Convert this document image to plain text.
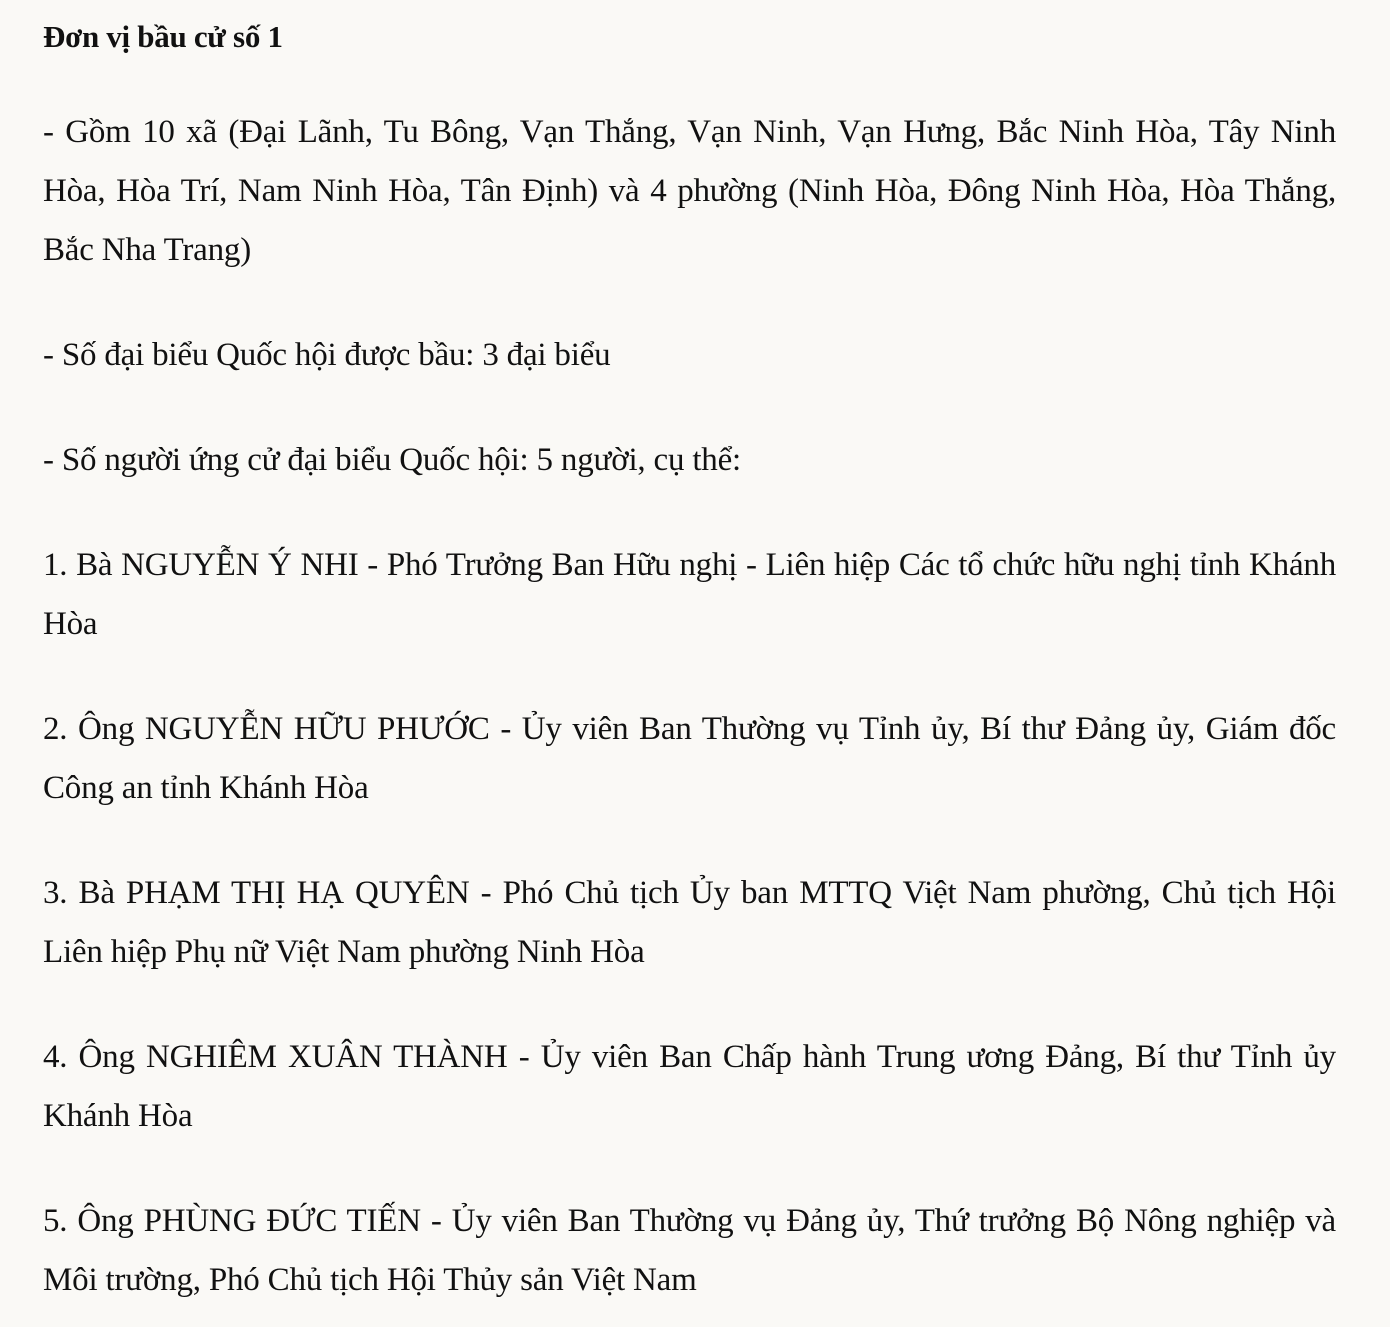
Đơn vị bầu cử số 1

- Gồm 10 xã (Đại Lãnh, Tu Bông, Vạn Thắng, Vạn Ninh, Vạn Hưng, Bắc Ninh Hòa, Tây Ninh Hòa, Hòa Trí, Nam Ninh Hòa, Tân Định) và 4 phường (Ninh Hòa, Đông Ninh Hòa, Hòa Thắng, Bắc Nha Trang)

- Số đại biểu Quốc hội được bầu: 3 đại biểu

- Số người ứng cử đại biểu Quốc hội: 5 người, cụ thể:

1. Bà NGUYỄN Ý NHI - Phó Trưởng Ban Hữu nghị - Liên hiệp Các tổ chức hữu nghị tỉnh Khánh Hòa

2. Ông NGUYỄN HỮU PHƯỚC - Ủy viên Ban Thường vụ Tỉnh ủy, Bí thư Đảng ủy, Giám đốc Công an tỉnh Khánh Hòa

3. Bà PHẠM THỊ HẠ QUYÊN - Phó Chủ tịch Ủy ban MTTQ Việt Nam phường, Chủ tịch Hội Liên hiệp Phụ nữ Việt Nam phường Ninh Hòa

4. Ông NGHIÊM XUÂN THÀNH - Ủy viên Ban Chấp hành Trung ương Đảng, Bí thư Tỉnh ủy Khánh Hòa

5. Ông PHÙNG ĐỨC TIẾN - Ủy viên Ban Thường vụ Đảng ủy, Thứ trưởng Bộ Nông nghiệp và Môi trường, Phó Chủ tịch Hội Thủy sản Việt Nam
